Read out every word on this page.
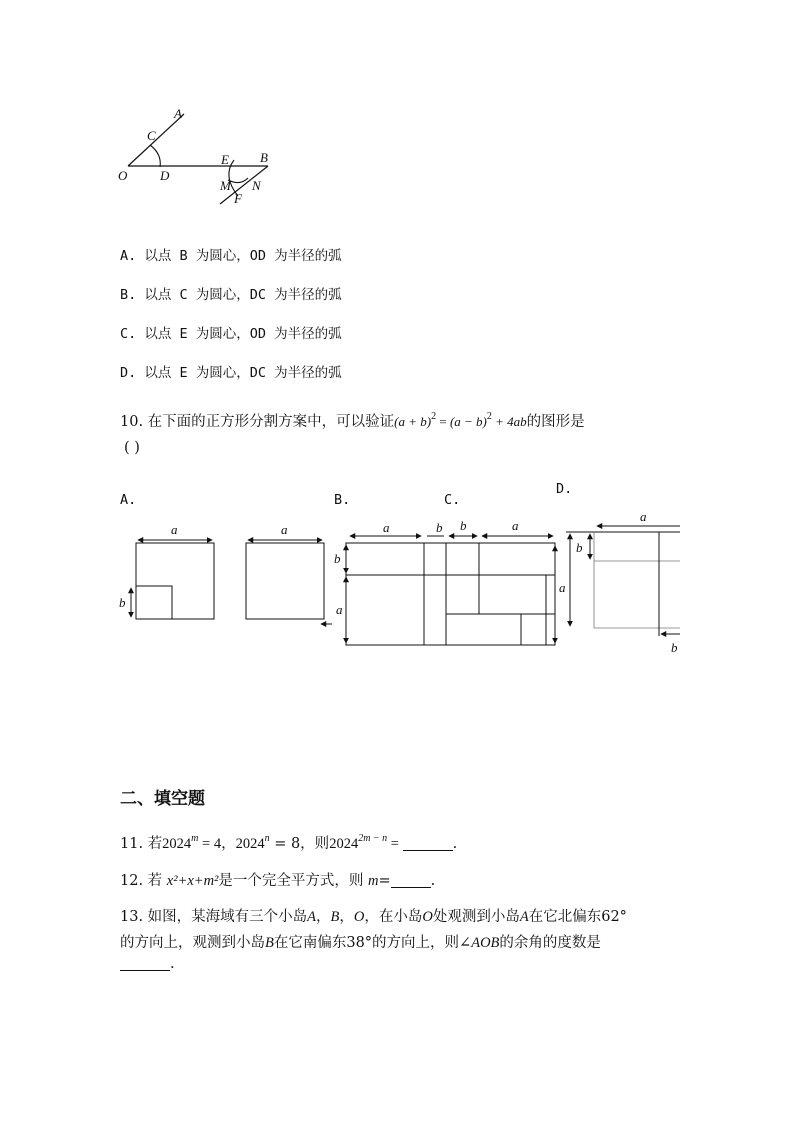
A
C
O	D
E B
M N
F
A. 以点 B 为圆心，OD 为半径的弧
B. 以点 C 为圆心，DC 为半径的弧
C. 以点 E 为圆心，OD 为半径的弧
D. 以点 E 为圆心，DC 为半径的弧
10. 在下面的正方形分割方案中，可以验证$(a + b)^2 = (a - b)^2 + 4ab$的图形是
( )
A.	B.	C.
D.
a
b
a	a	b b	a
b
a
a
b
a
b
二、填空题
11. 若$2024^m = 4$，$2024^n = 8$，则$2024^{2m - n}$ =	.
12. 若 x²+x+m²是一个完全平方式，则 m=	.
13. 如图，某海域有三个小岛A，B，O，在小岛O处观测到小岛A在它北偏东62°
的方向上，观测到小岛B在它南偏东38°的方向上，则∠AOB的余角的度数是
.
